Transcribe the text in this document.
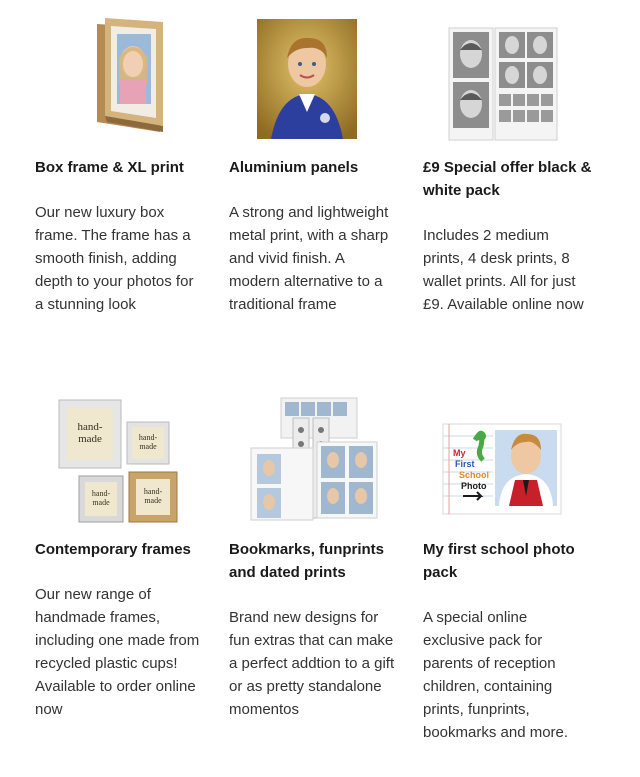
Box frame & XL print
Our new luxury box frame. The frame has a smooth finish, adding depth to your photos for a stunning look
Aluminium panels
A strong and lightweight metal print, with a sharp and vivid finish. A modern alternative to a traditional frame
£9 Special offer black & white pack
Includes 2 medium prints, 4 desk prints, 8 wallet prints. All for just £9. Available online now
hand-
made	hand-
made
hand-
made
hand-
made
Contemporary frames
Our new range of handmade frames, including one made from recycled plastic cups! Available to order online now
Bookmarks, funprints and dated prints
Brand new designs for fun extras that can make a perfect addtion to a gift or as pretty standalone momentos
My
First
School
Photo
My first school photo pack
A special online exclusive pack for parents of reception children, containing prints, funprints, bookmarks and more.
